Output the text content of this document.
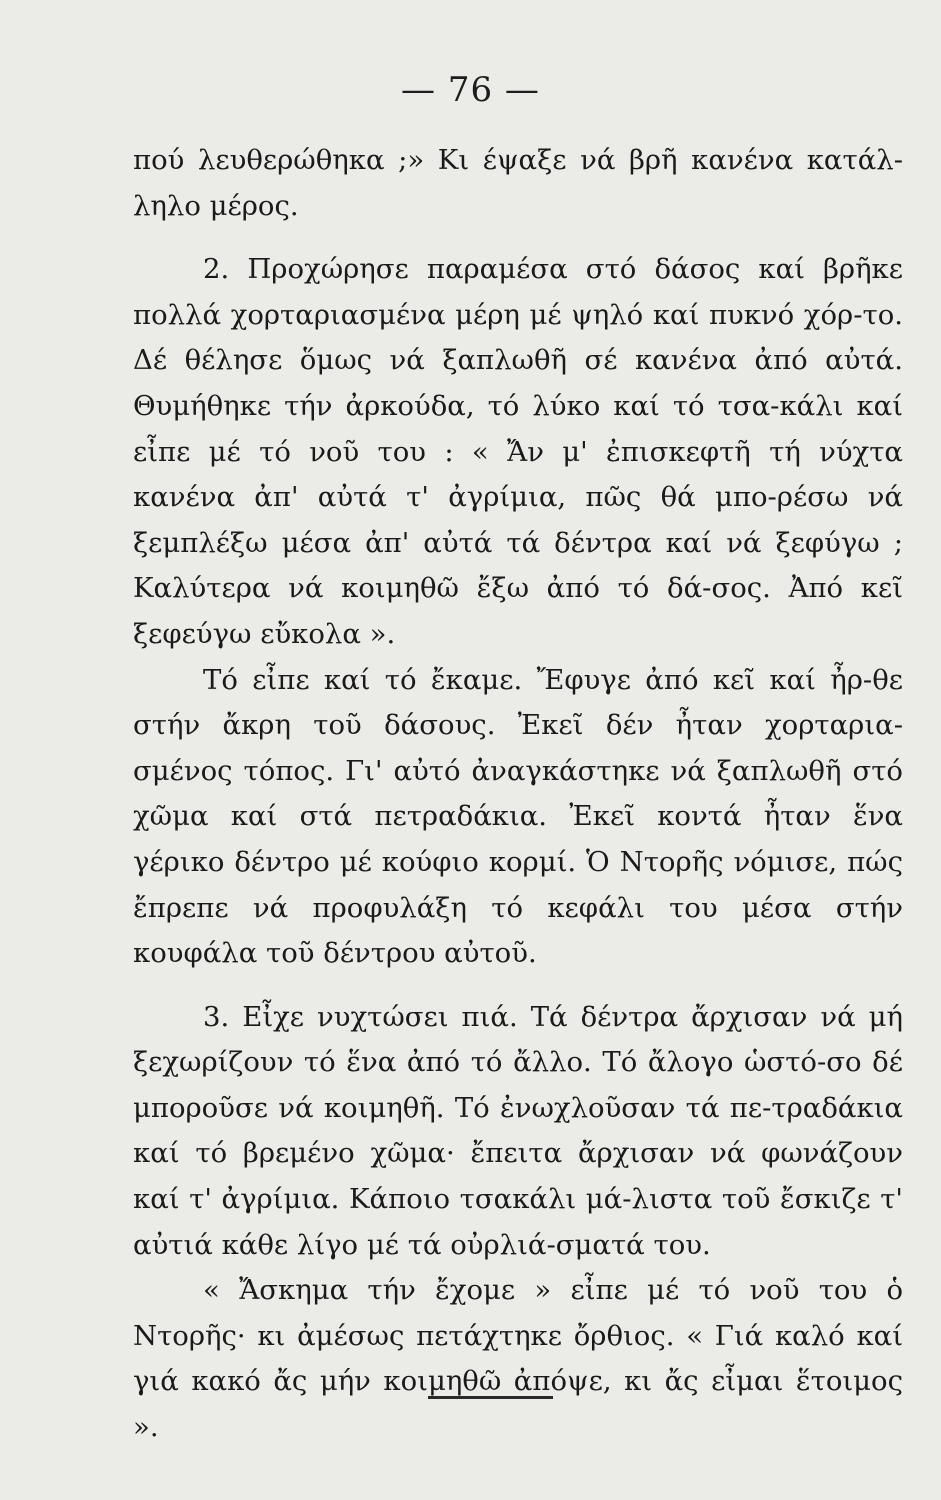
— 76 —

πού λευθερώθηκα ;» Κι έψαξε νά βρῆ κανένα κατάλ-ληλο μέρος.

2. Προχώρησε παραμέσα στό δάσος καί βρῆκε πολλά χορταριασμένα μέρη μέ ψηλό καί πυκνό χόρ-το. Δέ θέλησε ὅμως νά ξαπλωθῆ σέ κανένα ἀπό αὐτά. Θυμήθηκε τήν ἀρκούδα, τό λύκο καί τό τσα-κάλι καί εἶπε μέ τό νοῦ του : « Ἄν μ' ἐπισκεφτῆ τή νύχτα κανένα ἀπ' αὐτά τ' ἀγρίμια, πῶς θά μπο-ρέσω νά ξεμπλέξω μέσα ἀπ' αὐτά τά δέντρα καί νά ξεφύγω ; Καλύτερα νά κοιμηθῶ ἔξω ἀπό τό δά-σος. Ἀπό κεῖ ξεφεύγω εὔκολα ».

Τό εἶπε καί τό ἔκαμε. Ἔφυγε ἀπό κεῖ καί ἦρ-θε στήν ἄκρη τοῦ δάσους. Ἐκεῖ δέν ἦταν χορταρια-σμένος τόπος. Γι' αὐτό ἀναγκάστηκε νά ξαπλωθῆ στό χῶμα καί στά πετραδάκια. Ἐκεῖ κοντά ἦταν ἕνα γέρικο δέντρο μέ κούφιο κορμί. Ὁ Ντορῆς νόμισε, πώς ἔπρεπε νά προφυλάξη τό κεφάλι του μέσα στήν κουφάλα τοῦ δέντρου αὐτοῦ.

3. Εἶχε νυχτώσει πιά. Τά δέντρα ἄρχισαν νά μή ξεχωρίζουν τό ἕνα ἀπό τό ἄλλο. Τό ἄλογο ὡστό-σο δέ μποροῦσε νά κοιμηθῆ. Τό ἐνωχλοῦσαν τά πε-τραδάκια καί τό βρεμένο χῶμα· ἔπειτα ἄρχισαν νά φωνάζουν καί τ' ἀγρίμια. Κάποιο τσακάλι μά-λιστα τοῦ ἔσκιζε τ' αὐτιά κάθε λίγο μέ τά οὐρλιά-σματά του.

« Ἄσκημα τήν ἔχομε » εἶπε μέ τό νοῦ του ὁ Ντορῆς· κι ἀμέσως πετάχτηκε ὄρθιος. « Γιά καλό καί γιά κακό ἄς μήν κοιμηθῶ ἀπόψε, κι ἄς εἶμαι ἕτοιμος ».
